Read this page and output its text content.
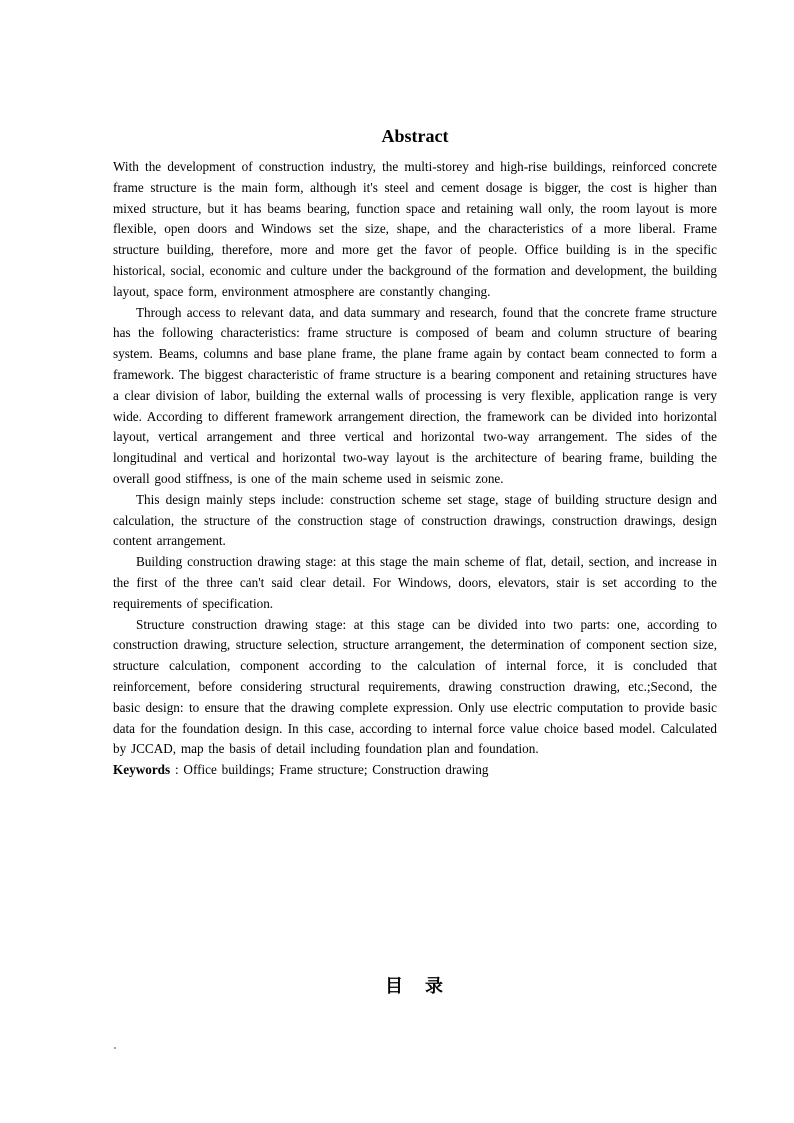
Abstract

With the development of construction industry, the multi-storey and high-rise buildings, reinforced concrete frame structure is the main form, although it's steel and cement dosage is bigger, the cost is higher than mixed structure, but it has beams bearing, function space and retaining wall only, the room layout is more flexible, open doors and Windows set the size, shape, and the characteristics of a more liberal. Frame structure building, therefore, more and more get the favor of people. Office building is in the specific historical, social, economic and culture under the background of the formation and development, the building layout, space form, environment atmosphere are constantly changing.

Through access to relevant data, and data summary and research, found that the concrete frame structure has the following characteristics: frame structure is composed of beam and column structure of bearing system. Beams, columns and base plane frame, the plane frame again by contact beam connected to form a framework. The biggest characteristic of frame structure is a bearing component and retaining structures have a clear division of labor, building the external walls of processing is very flexible, application range is very wide. According to different framework arrangement direction, the framework can be divided into horizontal layout, vertical arrangement and three vertical and horizontal two-way arrangement. The sides of the longitudinal and vertical and horizontal two-way layout is the architecture of bearing frame, building the overall good stiffness, is one of the main scheme used in seismic zone.

This design mainly steps include: construction scheme set stage, stage of building structure design and calculation, the structure of the construction stage of construction drawings, construction drawings, design content arrangement.

Building construction drawing stage: at this stage the main scheme of flat, detail, section, and increase in the first of the three can't said clear detail. For Windows, doors, elevators, stair is set according to the requirements of specification.

Structure construction drawing stage: at this stage can be divided into two parts: one, according to construction drawing, structure selection, structure arrangement, the determination of component section size, structure calculation, component according to the calculation of internal force, it is concluded that reinforcement, before considering structural requirements, drawing construction drawing, etc.;Second, the basic design: to ensure that the drawing complete expression. Only use electric computation to provide basic data for the foundation design. In this case, according to internal force value choice based model. Calculated by JCCAD, map the basis of detail including foundation plan and foundation.

Keywords : Office buildings; Frame structure; Construction drawing

目　录
